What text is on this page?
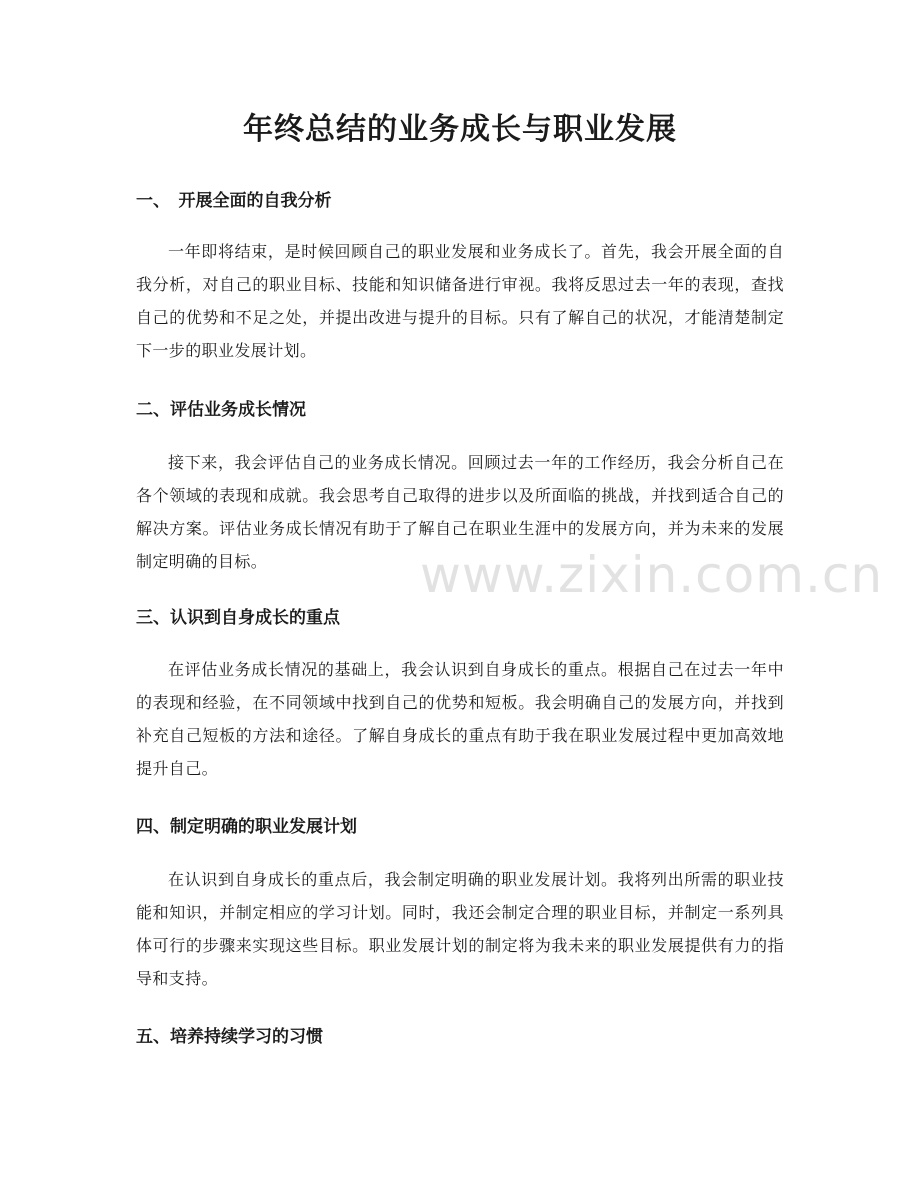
年终总结的业务成长与职业发展
一、　开展全面的自我分析

一年即将结束，是时候回顾自己的职业发展和业务成长了。首先，我会开展全面的自我分析，对自己的职业目标、技能和知识储备进行审视。我将反思过去一年的表现，查找自己的优势和不足之处，并提出改进与提升的目标。只有了解自己的状况，才能清楚制定下一步的职业发展计划。

二、评估业务成长情况

接下来，我会评估自己的业务成长情况。回顾过去一年的工作经历，我会分析自己在各个领域的表现和成就。我会思考自己取得的进步以及所面临的挑战，并找到适合自己的解决方案。评估业务成长情况有助于了解自己在职业生涯中的发展方向，并为未来的发展制定明确的目标。

三、认识到自身成长的重点

在评估业务成长情况的基础上，我会认识到自身成长的重点。根据自己在过去一年中的表现和经验，在不同领域中找到自己的优势和短板。我会明确自己的发展方向，并找到补充自己短板的方法和途径。了解自身成长的重点有助于我在职业发展过程中更加高效地提升自己。

四、制定明确的职业发展计划

在认识到自身成长的重点后，我会制定明确的职业发展计划。我将列出所需的职业技能和知识，并制定相应的学习计划。同时，我还会制定合理的职业目标，并制定一系列具体可行的步骤来实现这些目标。职业发展计划的制定将为我未来的职业发展提供有力的指导和支持。

五、培养持续学习的习惯
www.zixin.com.cn
